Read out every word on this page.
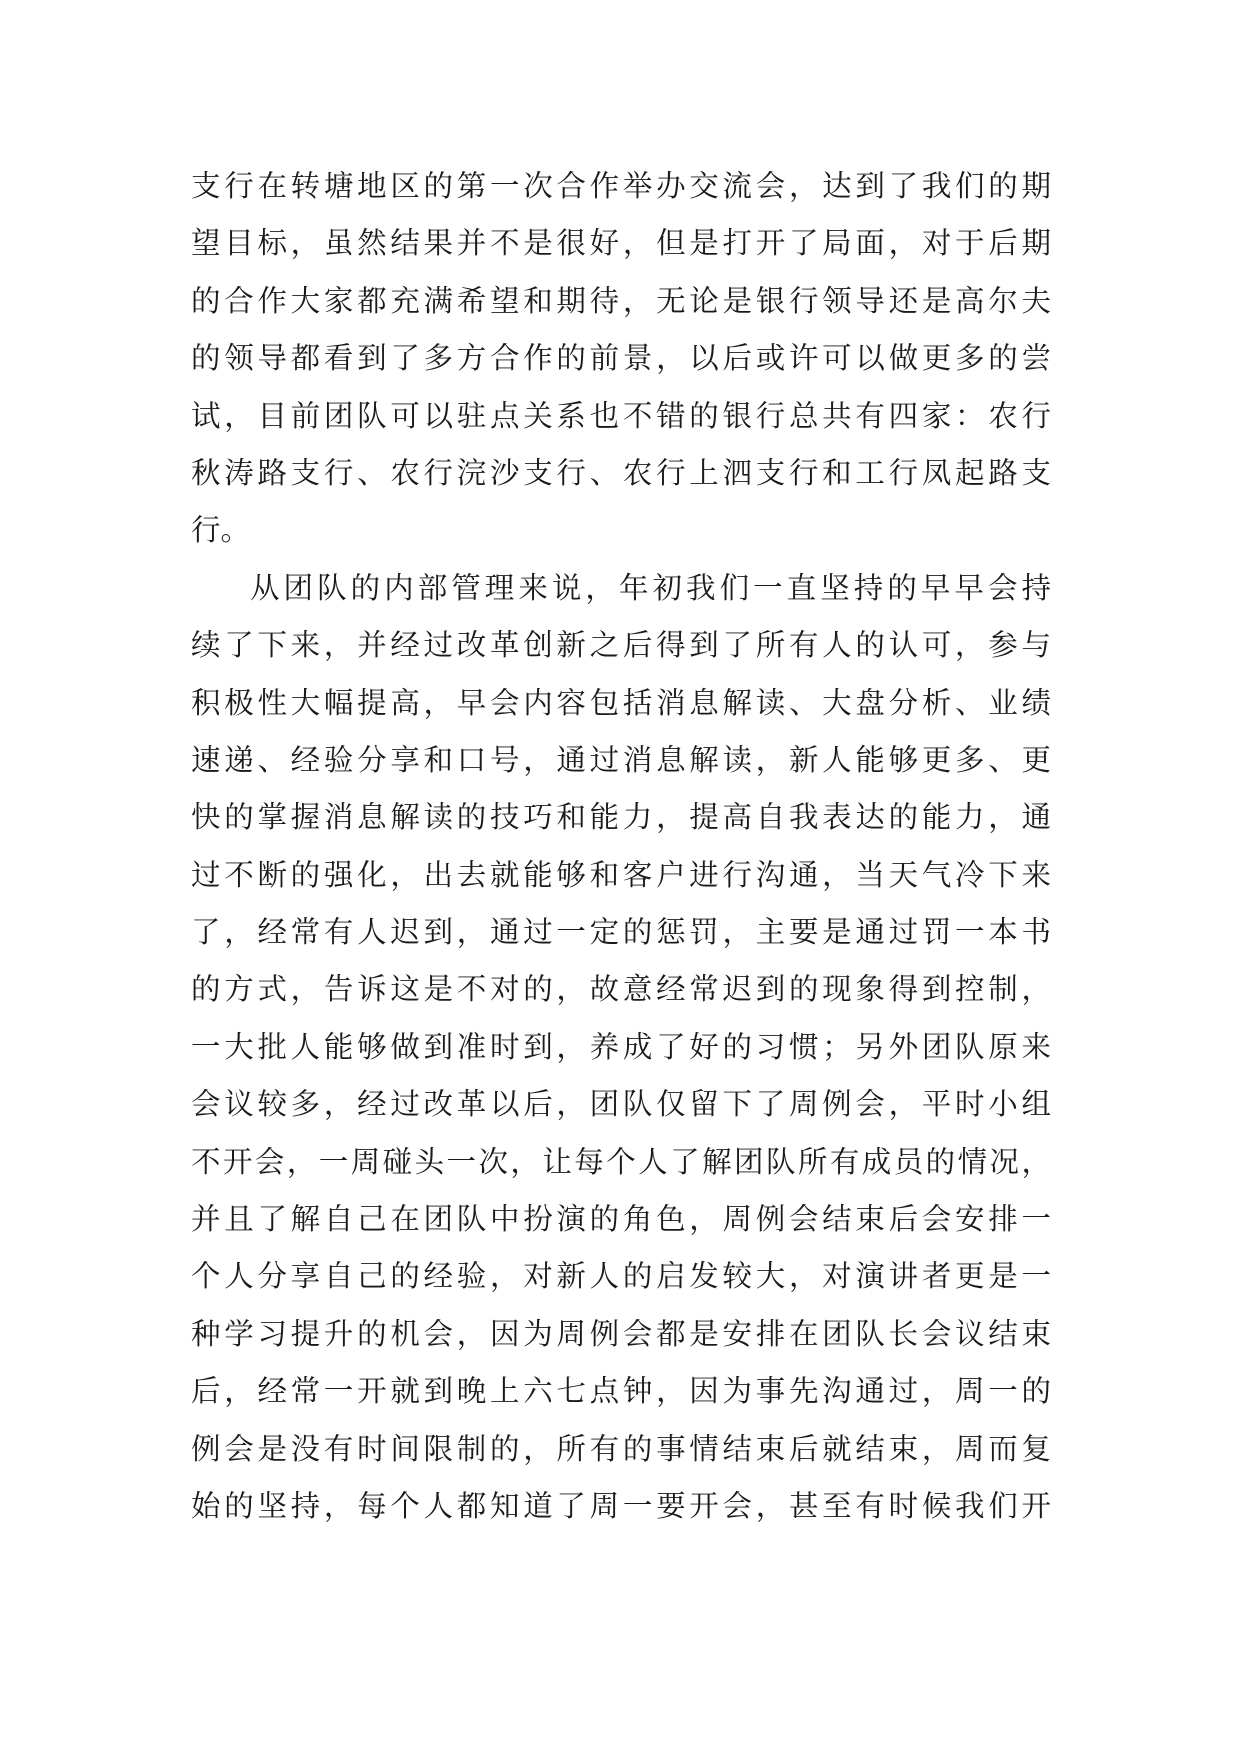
支行在转塘地区的第一次合作举办交流会，达到了我们的期
望目标，虽然结果并不是很好，但是打开了局面，对于后期
的合作大家都充满希望和期待，无论是银行领导还是高尔夫
的领导都看到了多方合作的前景，以后或许可以做更多的尝
试，目前团队可以驻点关系也不错的银行总共有四家：农行
秋涛路支行、农行浣沙支行、农行上泗支行和工行凤起路支
行。
从团队的内部管理来说，年初我们一直坚持的早早会持
续了下来，并经过改革创新之后得到了所有人的认可，参与
积极性大幅提高，早会内容包括消息解读、大盘分析、业绩
速递、经验分享和口号，通过消息解读，新人能够更多、更
快的掌握消息解读的技巧和能力，提高自我表达的能力，通
过不断的强化，出去就能够和客户进行沟通，当天气冷下来
了，经常有人迟到，通过一定的惩罚，主要是通过罚一本书
的方式，告诉这是不对的，故意经常迟到的现象得到控制，
一大批人能够做到准时到，养成了好的习惯；另外团队原来
会议较多，经过改革以后，团队仅留下了周例会，平时小组
不开会，一周碰头一次，让每个人了解团队所有成员的情况，
并且了解自己在团队中扮演的角色，周例会结束后会安排一
个人分享自己的经验，对新人的启发较大，对演讲者更是一
种学习提升的机会，因为周例会都是安排在团队长会议结束
后，经常一开就到晚上六七点钟，因为事先沟通过，周一的
例会是没有时间限制的，所有的事情结束后就结束，周而复
始的坚持，每个人都知道了周一要开会，甚至有时候我们开
